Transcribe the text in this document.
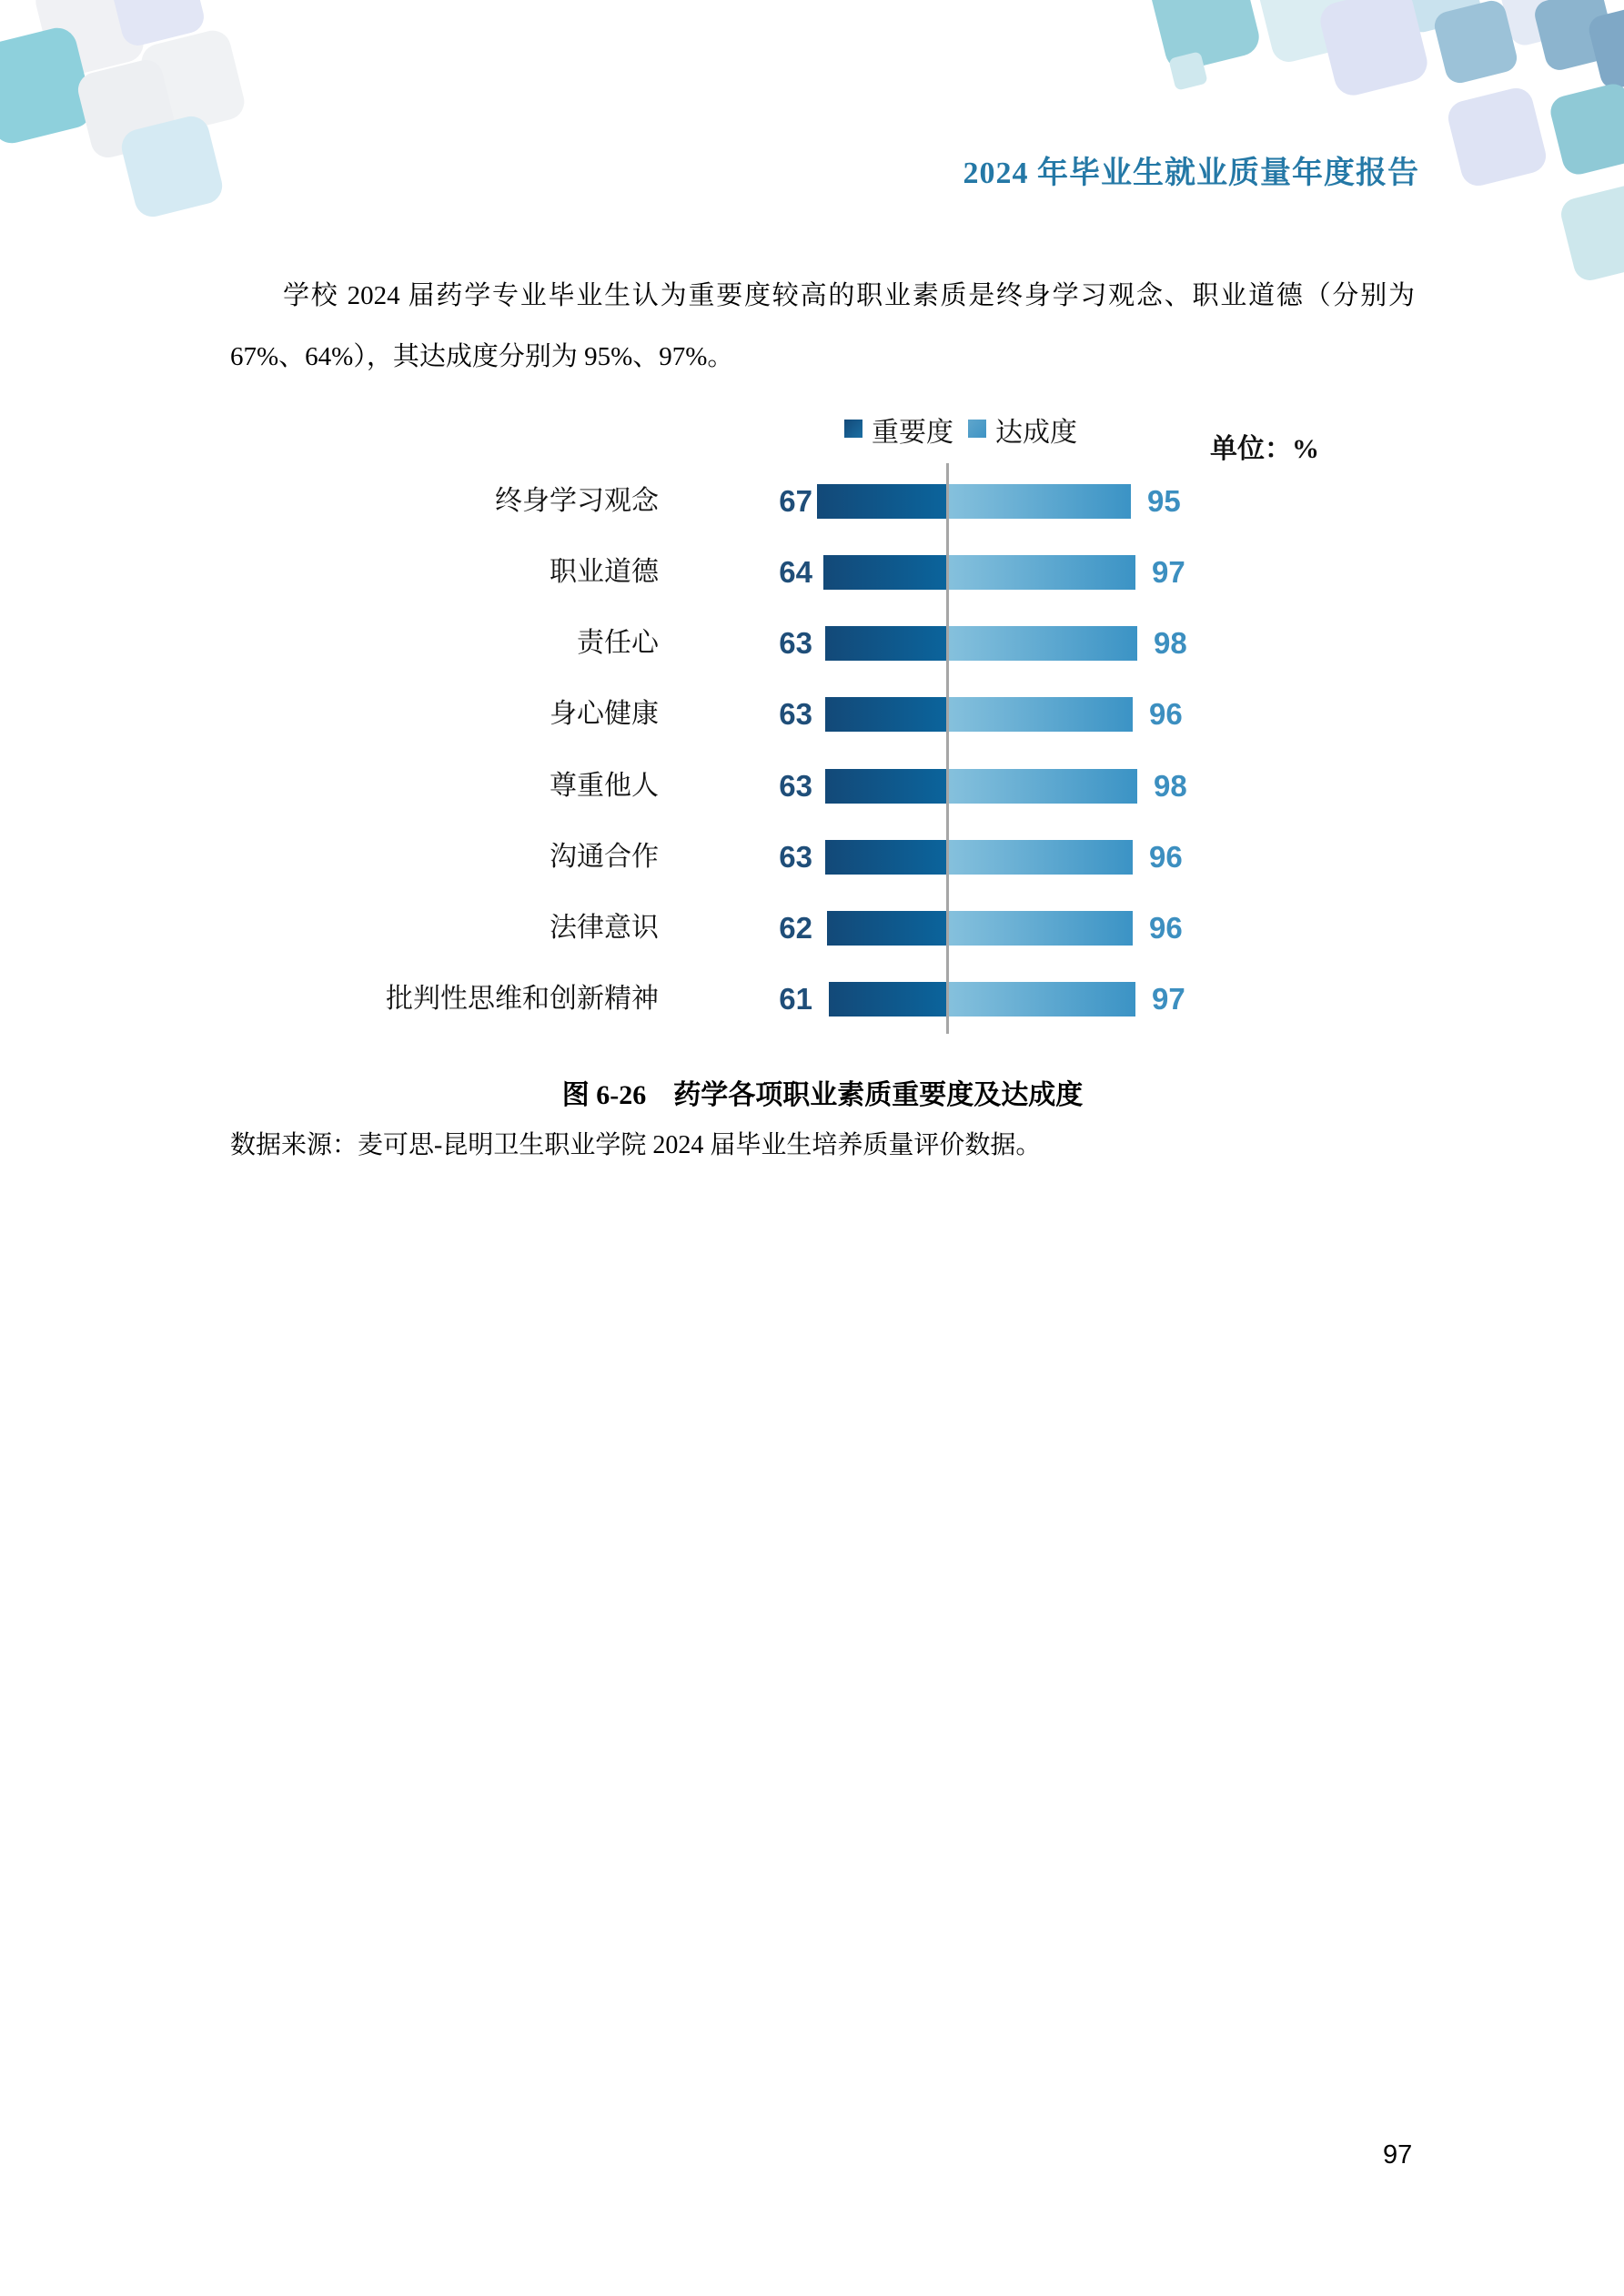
2024 年毕业生就业质量年度报告
学校 2024 届药学专业毕业生认为重要度较高的职业素质是终身学习观念、职业道德（分别为 67%、64%），其达成度分别为 95%、97%。
重要度 达成度
单位：%
终身学习观念	67	95
职业道德	64	97
责任心	63	98
身心健康	63	96
尊重他人	63	98
沟通合作	63	96
法律意识	62	96
批判性思维和创新精神	61	97
图 6-26 药学各项职业素质重要度及达成度
数据来源：麦可思-昆明卫生职业学院 2024 届毕业生培养质量评价数据。
97
